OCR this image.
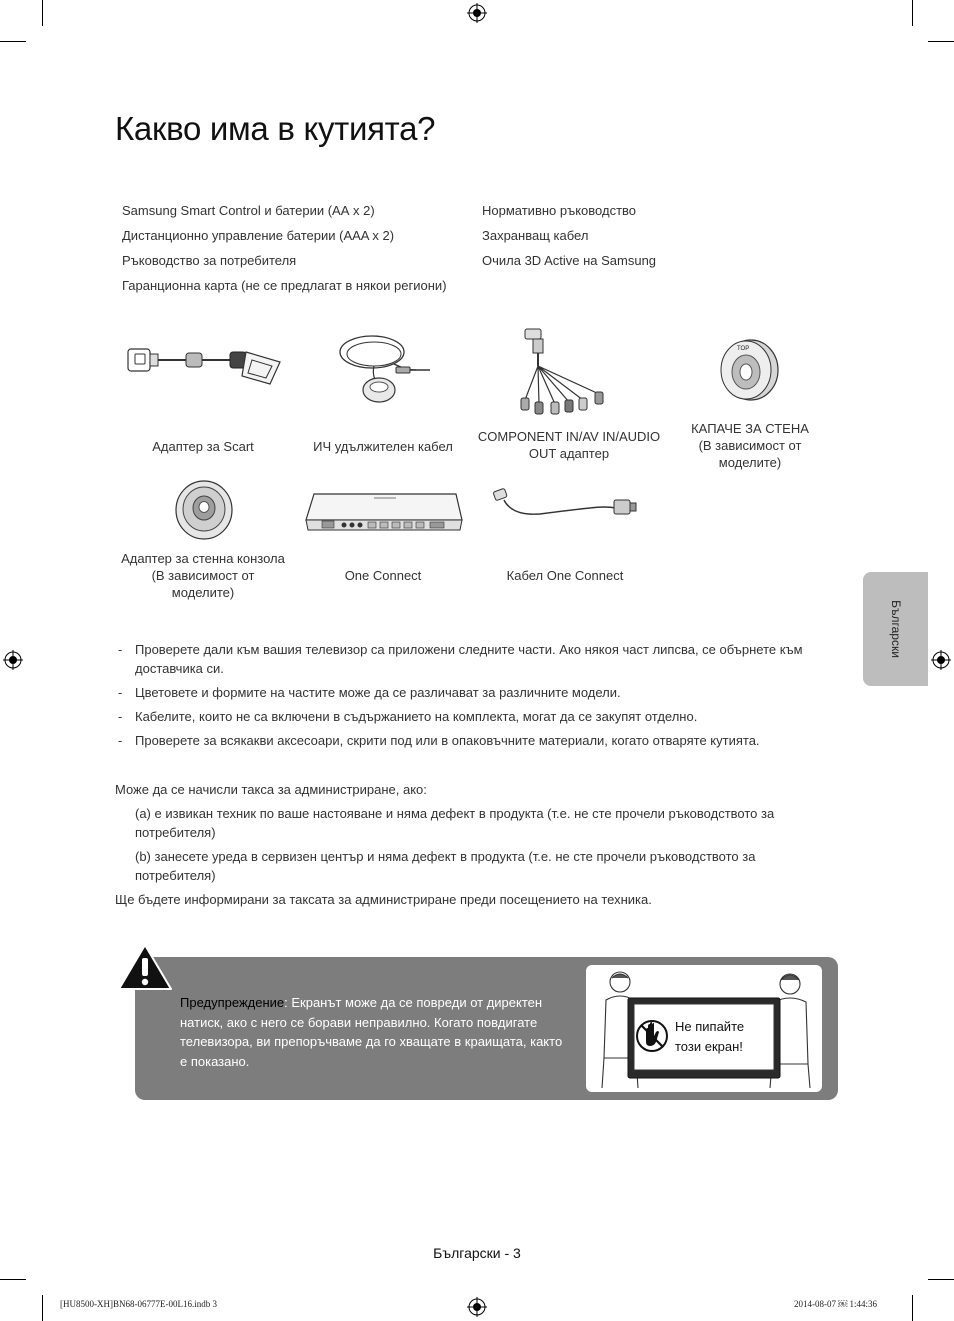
Какво има в кутията?
Samsung Smart Control и батерии (АА x 2)
Дистанционно управление батерии (AAA x 2)
Ръководство за потребителя
Гаранционна карта (не се предлагат в някои региони)
Нормативно ръководство
Захранващ кабел
Очила 3D Active на Samsung
TOP
Адаптер за Scart	ИЧ удължителен кабел
COMPONENT IN/AV IN/AUDIO OUT адаптер
КАПАЧЕ ЗА СТЕНА
(В зависимост от моделите)
Адаптер за стенна конзола
(В зависимост от моделите)
One Connect	Кабел One Connect
Български
- Проверете дали към вашия телевизор са приложени следните части. Ако някоя част липсва, се обърнете към доставчика си.
- Цветовете и формите на частите може да се различават за различните модели.
- Кабелите, които не са включени в съдържанието на комплекта, могат да се закупят отделно.
- Проверете за всякакви аксесоари, скрити под или в опаковъчните материали, когато отваряте кутията.
Може да се начисли такса за администриране, ако:
(a) е извикан техник по ваше настояване и няма дефект в продукта (т.е. не сте прочели ръководството за потребителя)
(b) занесете уреда в сервизен център и няма дефект в продукта (т.е. не сте прочели ръководството за потребителя)
Ще бъдете информирани за таксата за администриране преди посещението на техника.
Предупреждение: Екранът може да се повреди от директен натиск, ако с него се борави неправилно. Когато повдигате телевизора, ви препоръчваме да го хващате в краищата, както е показано.
Не пипайте
този екран!
Български - 3
[HU8500-XH]BN68-06777E-00L16.indb 3	2014-08-07 ￼ 1:44:36
